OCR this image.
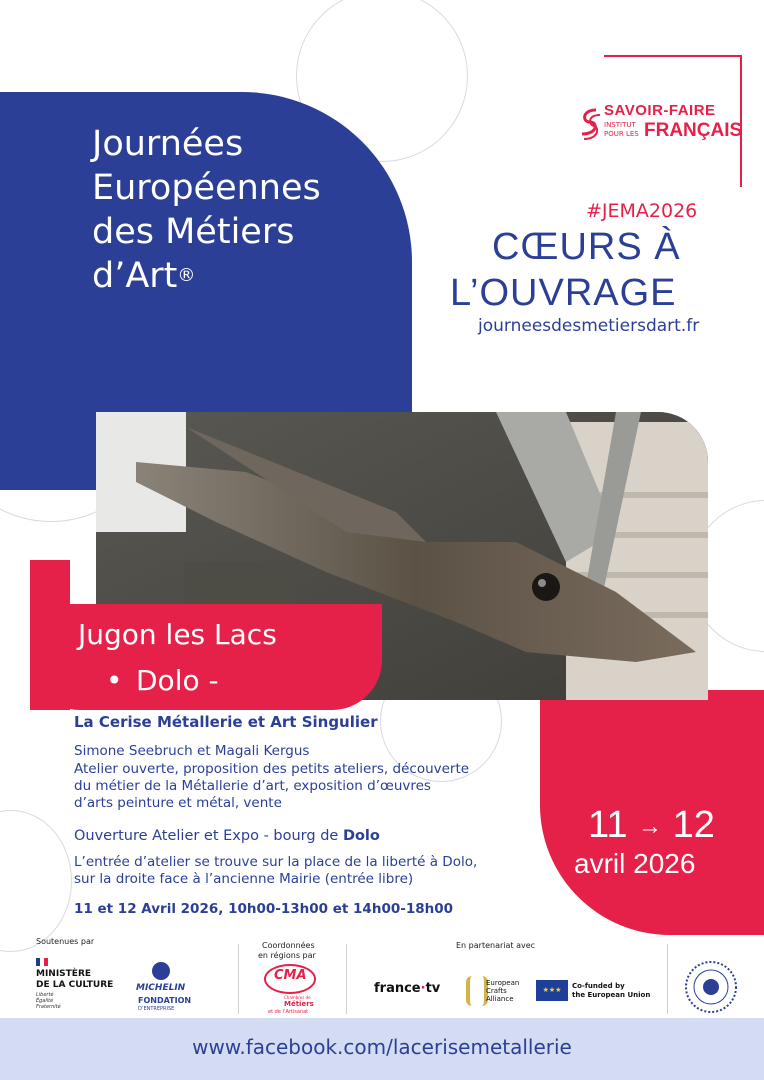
Journées
Européennes
des Métiers
d’Art®
SAVOIR-FAIRE
INSTITUT
POUR LES FRANÇAIS
#JEMA2026
CŒURS À
L’OUVRAGE
journeesdesmetiersdart.fr
Jugon les Lacs
• Dolo -
La Cerise Métallerie et Art Singulier
Simone Seebruch et Magali Kergus
Atelier ouverte, proposition des petits ateliers, découverte
du métier de la Métallerie d’art, exposition d’œuvres
d’arts peinture et métal, vente
Ouverture Atelier et Expo - bourg de Dolo
L’entrée d’atelier se trouve sur la place de la liberté à Dolo,
sur la droite face à l’ancienne Mairie (entrée libre)
11 et 12 Avril 2026, 10h00-13h00 et 14h00-18h00
11 → 12
avril 2026
Soutenues par
MINISTÈRE
DE LA CULTURE
Liberté
Égalité
Fraternité
MICHELIN
FONDATION
D’ENTREPRISE
Coordonnées
en régions par
CMA
Chambres de
Métiers
et de l’Artisanat
En partenariat avec
france·tv	European
Crafts
Alliance
★★★	Co-funded by
the European Union
www.facebook.com/lacerisemetallerie
